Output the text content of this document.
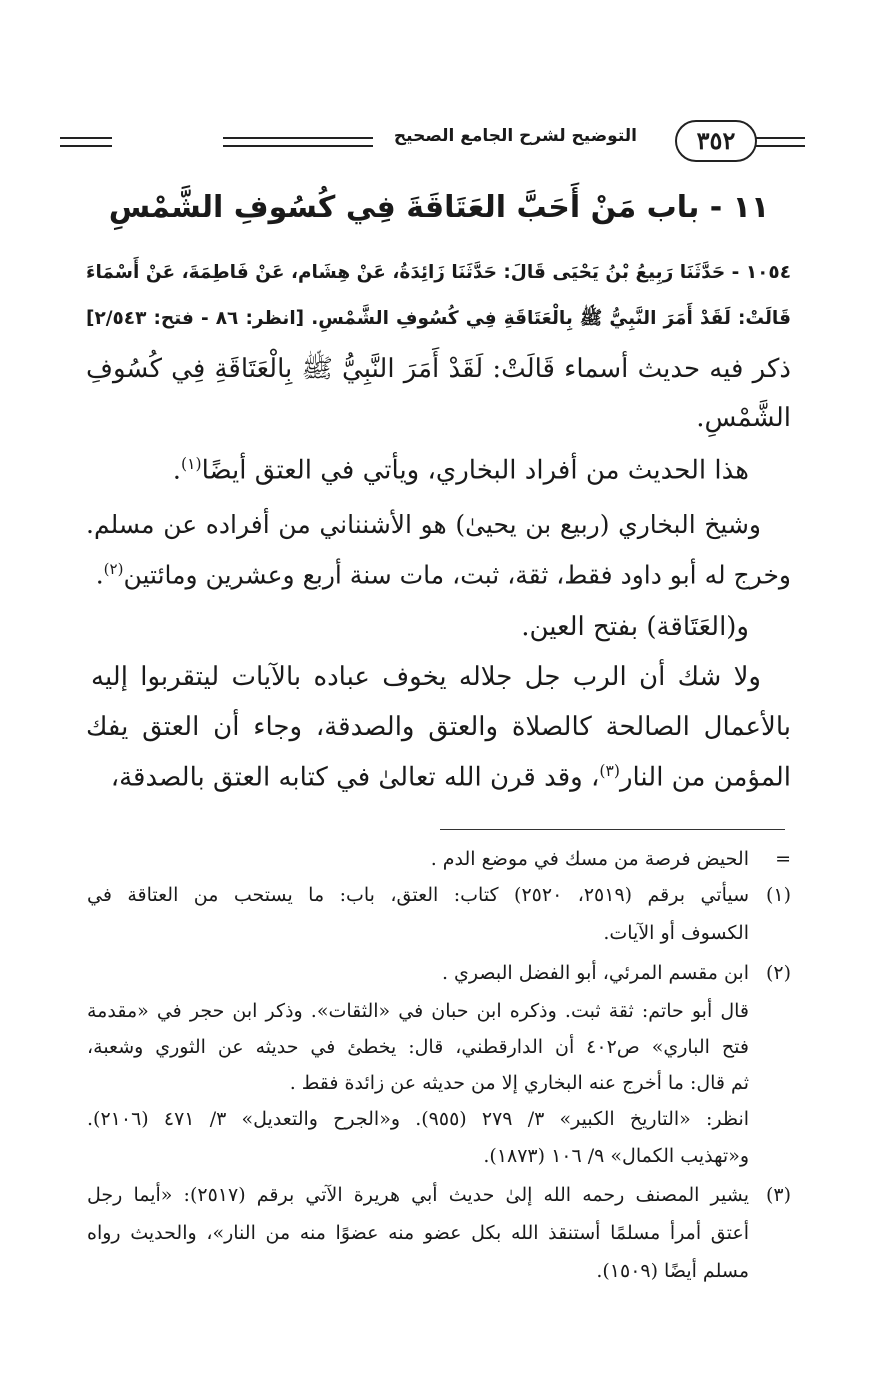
٣٥٢
التوضيح لشرح الجامع الصحيح
١١ - باب مَنْ أَحَبَّ العَتَاقَةَ فِي كُسُوفِ الشَّمْسِ
١٠٥٤ - حَدَّثَنَا رَبِيعُ بْنُ يَحْيَى قَالَ: حَدَّثَنَا زَائِدَةُ، عَنْ هِشَام، عَنْ فَاطِمَةَ، عَنْ أَسْمَاءَ
قَالَتْ: لَقَدْ أَمَرَ النَّبِيُّ ﷺ بِالْعَتَاقَةِ فِي كُسُوفِ الشَّمْسِ. [انظر: ٨٦ - فتح: ٢/٥٤٣]
ذكر فيه حديث أسماء قَالَتْ: لَقَدْ أَمَرَ النَّبِيُّ ﷺ بِالْعَتَاقَةِ فِي كُسُوفِ
الشَّمْسِ.
هذا الحديث من أفراد البخاري، ويأتي في العتق أيضًا$^{(١)}$.
وشيخ البخاري (ربيع بن يحيىٰ) هو الأشنناني من أفراده عن مسلم.
وخرج له أبو داود فقط، ثقة، ثبت، مات سنة أربع وعشرين ومائتين$^{(٢)}$.
و(العَتَاقة) بفتح العين.
ولا شك أن الرب جل جلاله يخوف عباده بالآيات ليتقربوا إليه
بالأعمال الصالحة كالصلاة والعتق والصدقة، وجاء أن العتق يفك
المؤمن من النار$^{(٣)}$، وقد قرن الله تعالىٰ في كتابه العتق بالصدقة،
=
الحيض فرصة من مسك في موضع الدم .
(١)
سيأتي برقم (٢٥١٩، ٢٥٢٠) كتاب: العتق، باب: ما يستحب من العتاقة في
الكسوف أو الآيات.
(٢)
ابن مقسم المرئي، أبو الفضل البصري .
قال أبو حاتم: ثقة ثبت. وذكره ابن حبان في «الثقات». وذكر ابن حجر في «مقدمة
فتح الباري» ص٤٠٢ أن الدارقطني، قال: يخطئ في حديثه عن الثوري وشعبة،
ثم قال: ما أخرج عنه البخاري إلا من حديثه عن زائدة فقط .
انظر: «التاريخ الكبير» ٣/ ٢٧٩ (٩٥٥). و«الجرح والتعديل» ٣/ ٤٧١ (٢١٠٦).
و«تهذيب الكمال» ٩/ ١٠٦ (١٨٧٣).
(٣)
يشير المصنف رحمه الله إلىٰ حديث أبي هريرة الآتي برقم (٢٥١٧): «أيما رجل
أعتق أمرأ مسلمًا أستنقذ الله بكل عضو منه عضوًا منه من النار»، والحديث رواه
مسلم أيضًا (١٥٠٩).
